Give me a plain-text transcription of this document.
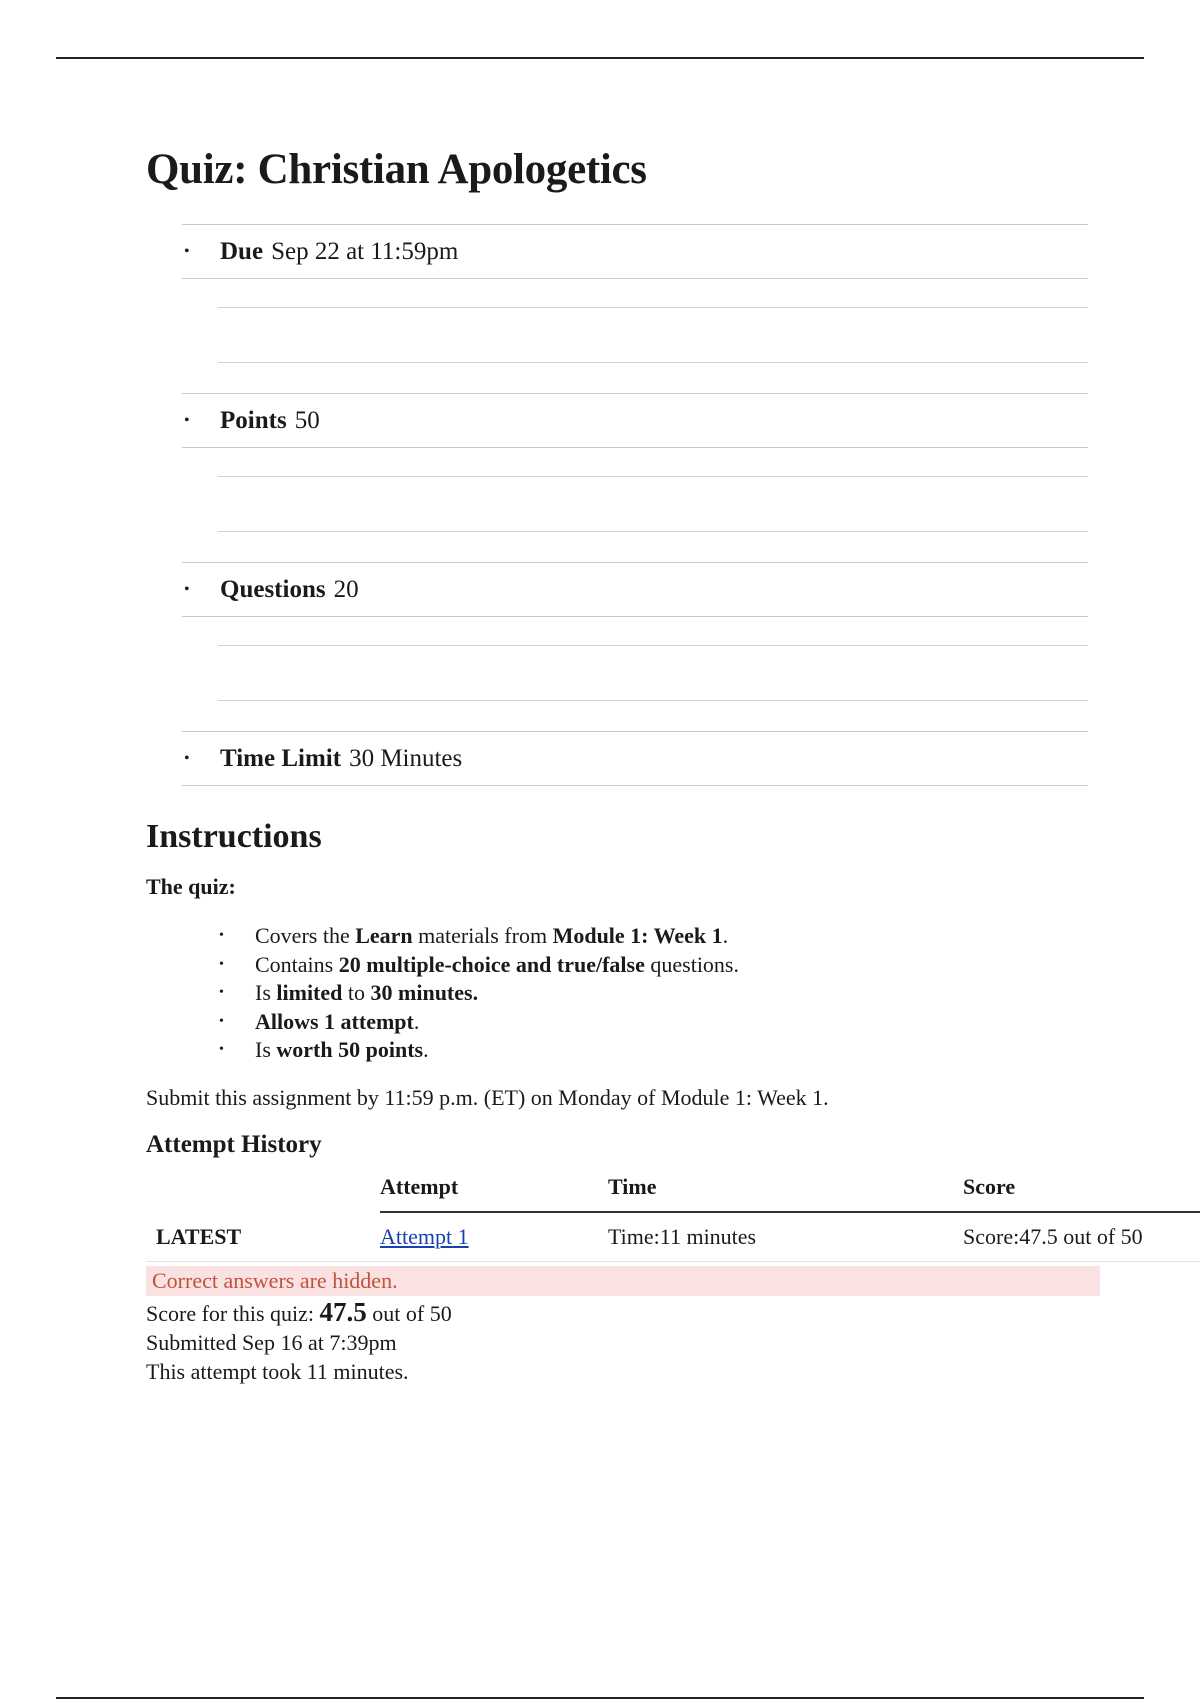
Quiz: Christian Apologetics
•	Due Sep 22 at 11:59pm
•	Points 50
•	Questions 20
•	Time Limit 30 Minutes
Instructions
The quiz:
• Covers the Learn materials from Module 1: Week 1.
• Contains 20 multiple-choice and true/false questions.
• Is limited to 30 minutes.
• Allows 1 attempt.
• Is worth 50 points.
Submit this assignment by 11:59 p.m. (ET) on Monday of Module 1: Week 1.
Attempt History
	Attempt	Time	Score
LATEST	Attempt 1	Time:11 minutes	Score:47.5 out of 50
Correct answers are hidden.
Score for this quiz: 47.5 out of 50
Submitted Sep 16 at 7:39pm
This attempt took 11 minutes.
